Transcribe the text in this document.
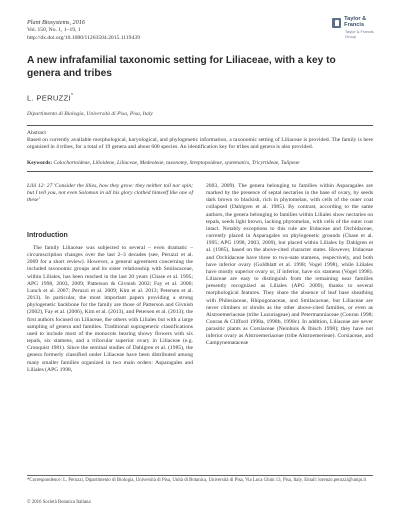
Plant Biosystems, 2016
Vol. 150, No. 1, 1–19, 1
http://dx.doi.org/10.1080/11263504.2015.1119439
Taylor & Francis
Taylor & Francis Group
A new infrafamilial taxonomic setting for Liliaceae, with a key to genera and tribes
L. PERUZZI*
Dipartimento di Biologia, Università di Pisa, Pisa, Italy
Abstract
Based on currently available morphological, karyological, and phylogenetic information, a taxonomic setting of Liliaceae is provided. The family is here organized in 4 tribes, for a total of 19 genera and about 600 species. An identification key for tribes and genera is also provided.
Keywords: Calochortoideae, Lilioideae, Liliaceae, Medeoleae, taxonomy, Streptopoideae, systematics, Tricyrtideae, Tulipeae
Lilii 12: 27 'Consider the lilies, how they grow: they neither toil nor spin; but I tell you, not even Solomon in all his glory clothed himself like one of these'
Introduction
The family Liliaceae was subjected to several – even dramatic – circumscription changes over the last 2–3 decades (see, Peruzzi et al. 2009 for a short review). However, a general agreement concerning the included taxonomic groups and its sister relationship with Smilacaceae, within Liliales, has been reached in the last 20 years (Chase et al. 1995; APG 1998, 2003, 2009; Patterson & Givnish 2002; Fay et al. 2006; Lunch et al. 2007; Peruzzi et al. 2009; Kim et al. 2013; Petersen et al. 2013). In particular, the most important papers providing a strong phylogenetic backbone for the family are those of Patterson and Givnish (2002), Fay et al. (2006), Kim et al. (2013), and Petersen et al. (2013); the first authors focused on Liliaceae, the others with Liliales but with a large sampling of genera and families. Traditional suprageneric classifications used to include most of the monocots bearing showy flowers with six tepals, six stamens, and a trilocular superior ovary in Liliaceae (e.g. Cronquist 1981). Since the seminal studies of Dahlgren et al. (1985), the genera formerly classified under Liliaceae have been distributed among many smaller families organized in two main orders: Asparagales and Liliales (APG 1998,
2003, 2009). The genera belonging to families within Asparagales are marked by the presence of septal nectaries in the base of ovary, by seeds dark brown to blackish, rich in phytomelan, with cells of the outer coat collapsed (Dahlgren et al. 1985). By contrast, according to the same authors, the genera belonging to families within Liliales show nectaries on tepals, seeds light brown, lacking phytomelan, with cells of the outer coat intact. Notably exceptions to this rule are Iridaceae and Orchidaceae, currently placed in Asparagales on phylogenetic grounds (Chase et al. 1995; APG 1998, 2003, 2009), but placed within Liliales by Dahlgren et al. (1985), based on the above-cited character states. However, Iridaceae and Orchidaceae have three to two-nate stamens, respectively, and both have inferior ovary (Goldblatt et al. 1998; Vogel 1998), while Liliales have mostly superior ovary or, if inferior, have six stamens (Vogel 1998). Liliaceae are easy to distinguish from the remaining near families presently recognized as Liliales (APG 2009), thanks to several morphological features. They share the absence of leaf base sheathing with Philesiaceae, Rhipogonaceae, and Smilacaceae, but Liliaceae are never climbers or shrubs as the other above-cited families, or even as Alstroemeriaceae (tribe Luzuriageae) and Petermanniaceae (Conran 1998; Conran & Clifford 1998a, 1998b, 1998c). In addition, Liliaceae are never parasitic plants as Corsiaceae (Neinhuis & Ibisch 1998); they have not inferior ovary as Alstroemeriaceae (tribe Alstroemerieae). Corsiaceae, and Campynemataceae
*Correspondence: L. Peruzzi, Dipartimento di Biologia, Università di Pisa, Unità di Botanica, Università di Pisa, Via Luca Ghini 13, Pisa, Italy. Email: lorenzo.peruzzi@unipi.it
© 2016 Società Botanica Italiana
